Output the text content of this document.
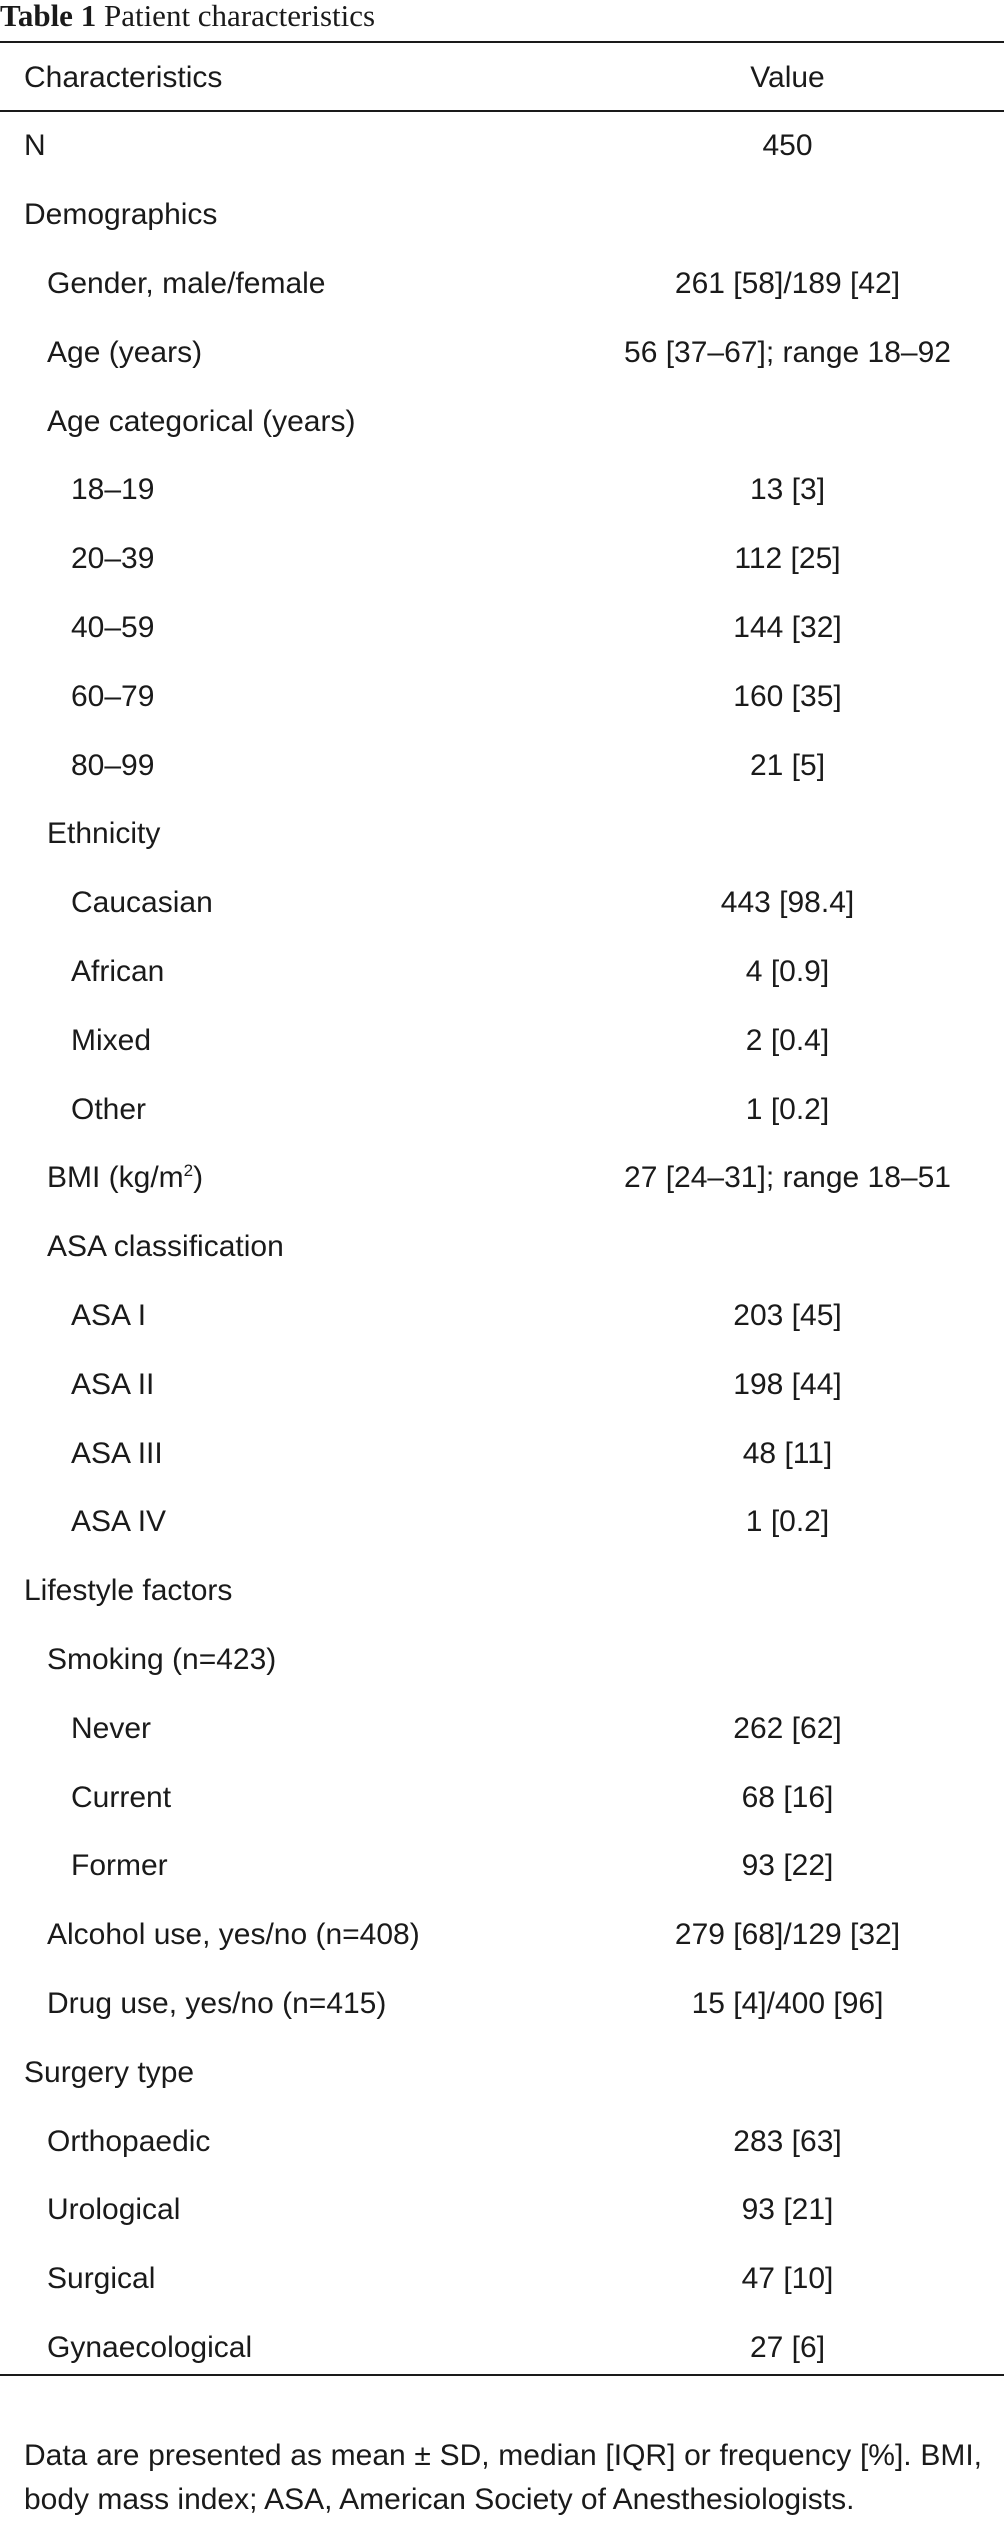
Table 1 Patient characteristics
Characteristics	Value
N	450
Demographics	
Gender, male/female	261 [58]/189 [42]
Age (years)	56 [37–67]; range 18–92
Age categorical (years)	
18–19	13 [3]
20–39	112 [25]
40–59	144 [32]
60–79	160 [35]
80–99	21 [5]
Ethnicity	
Caucasian	443 [98.4]
African	4 [0.9]
Mixed	2 [0.4]
Other	1 [0.2]
BMI $(kg/m^2)$	27 [24–31]; range 18–51
ASA classification	
ASA I	203 [45]
ASA II	198 [44]
ASA III	48 [11]
ASA IV	1 [0.2]
Lifestyle factors	
Smoking (n=423)	
Never	262 [62]
Current	68 [16]
Former	93 [22]
Alcohol use, yes/no (n=408)	279 [68]/129 [32]
Drug use, yes/no (n=415)	15 [4]/400 [96]
Surgery type	
Orthopaedic	283 [63]
Urological	93 [21]
Surgical	47 [10]
Gynaecological	27 [6]
Data are presented as mean ± SD, median [IQR] or frequency [%]. BMI, body mass index; ASA, American Society of Anesthesiologists.
